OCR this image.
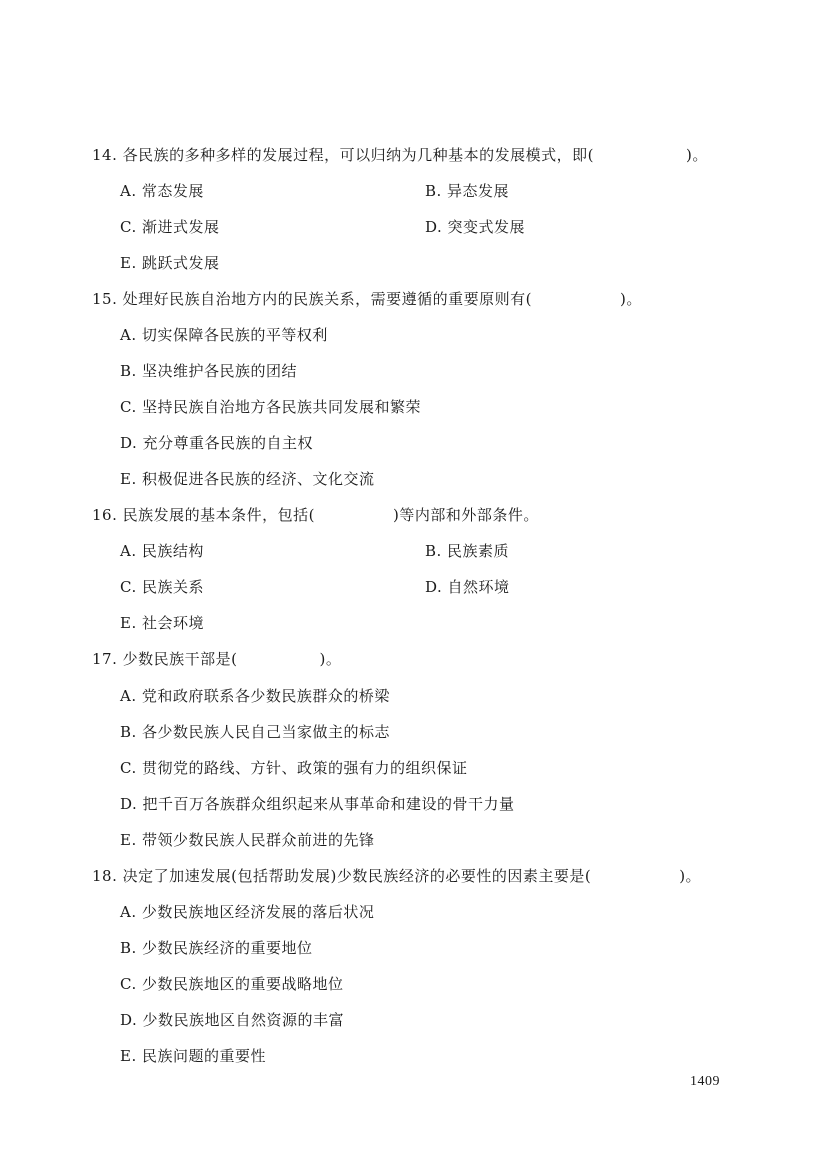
14. 各民族的多种多样的发展过程，可以归纳为几种基本的发展模式，即(	)。
A. 常态发展	B. 异态发展
C. 渐进式发展	D. 突变式发展
E. 跳跃式发展
15. 处理好民族自治地方内的民族关系，需要遵循的重要原则有(	)。
A. 切实保障各民族的平等权利
B. 坚决维护各民族的团结
C. 坚持民族自治地方各民族共同发展和繁荣
D. 充分尊重各民族的自主权
E. 积极促进各民族的经济、文化交流
16. 民族发展的基本条件，包括(	)等内部和外部条件。
A. 民族结构	B. 民族素质
C. 民族关系	D. 自然环境
E. 社会环境
17. 少数民族干部是(	)。
A. 党和政府联系各少数民族群众的桥梁
B. 各少数民族人民自己当家做主的标志
C. 贯彻党的路线、方针、政策的强有力的组织保证
D. 把千百万各族群众组织起来从事革命和建设的骨干力量
E. 带领少数民族人民群众前进的先锋
18. 决定了加速发展(包括帮助发展)少数民族经济的必要性的因素主要是(	)。
A. 少数民族地区经济发展的落后状况
B. 少数民族经济的重要地位
C. 少数民族地区的重要战略地位
D. 少数民族地区自然资源的丰富
E. 民族问题的重要性
1409
